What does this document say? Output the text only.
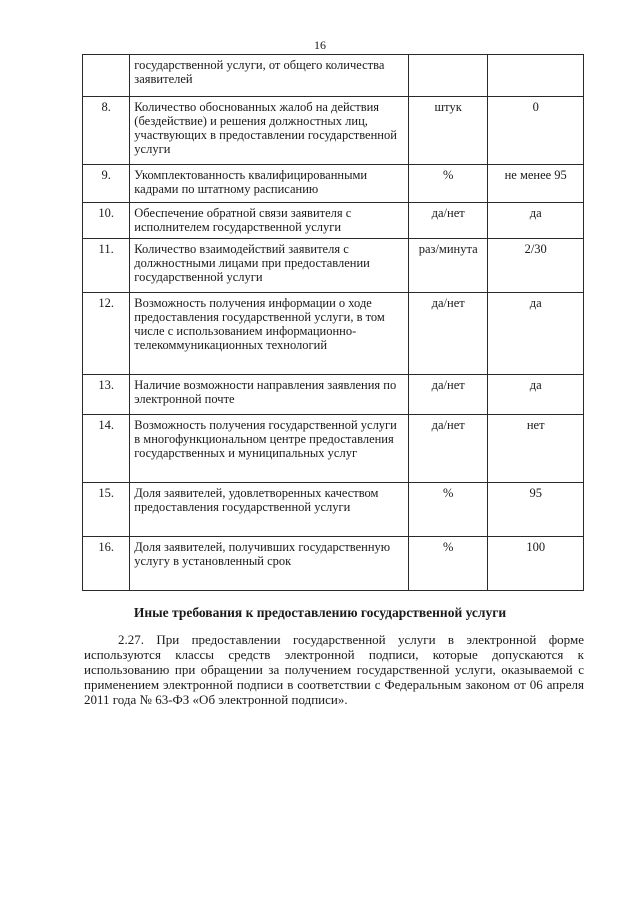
16
	государственной услуги, от общего количества заявителей		
8.	Количество обоснованных жалоб на действия (бездействие) и решения должностных лиц, участвующих в предоставлении государственной услуги	штук	0
9.	Укомплектованность квалифицированными кадрами по штатному расписанию	%	не менее 95
10.	Обеспечение обратной связи заявителя с исполнителем государственной услуги	да/нет	да
11.	Количество взаимодействий заявителя с должностными лицами при предоставлении государственной услуги	раз/минута	2/30
12.	Возможность получения информации о ходе предоставления государственной услуги, в том числе с использованием информационно-телекоммуникационных технологий	да/нет	да
13.	Наличие возможности направления заявления по электронной почте	да/нет	да
14.	Возможность получения государственной услуги в многофункциональном центре предоставления государственных и муниципальных услуг	да/нет	нет
15.	Доля заявителей, удовлетворенных качеством предоставления государственной услуги	%	95
16.	Доля заявителей, получивших государственную услугу в установленный срок	%	100
Иные требования к предоставлению государственной услуги

2.27. При предоставлении государственной услуги в электронной форме используются классы средств электронной подписи, которые допускаются к использованию при обращении за получением государственной услуги, оказываемой с применением электронной подписи в соответствии с Федеральным законом от 06 апреля 2011 года № 63-ФЗ «Об электронной подписи».
